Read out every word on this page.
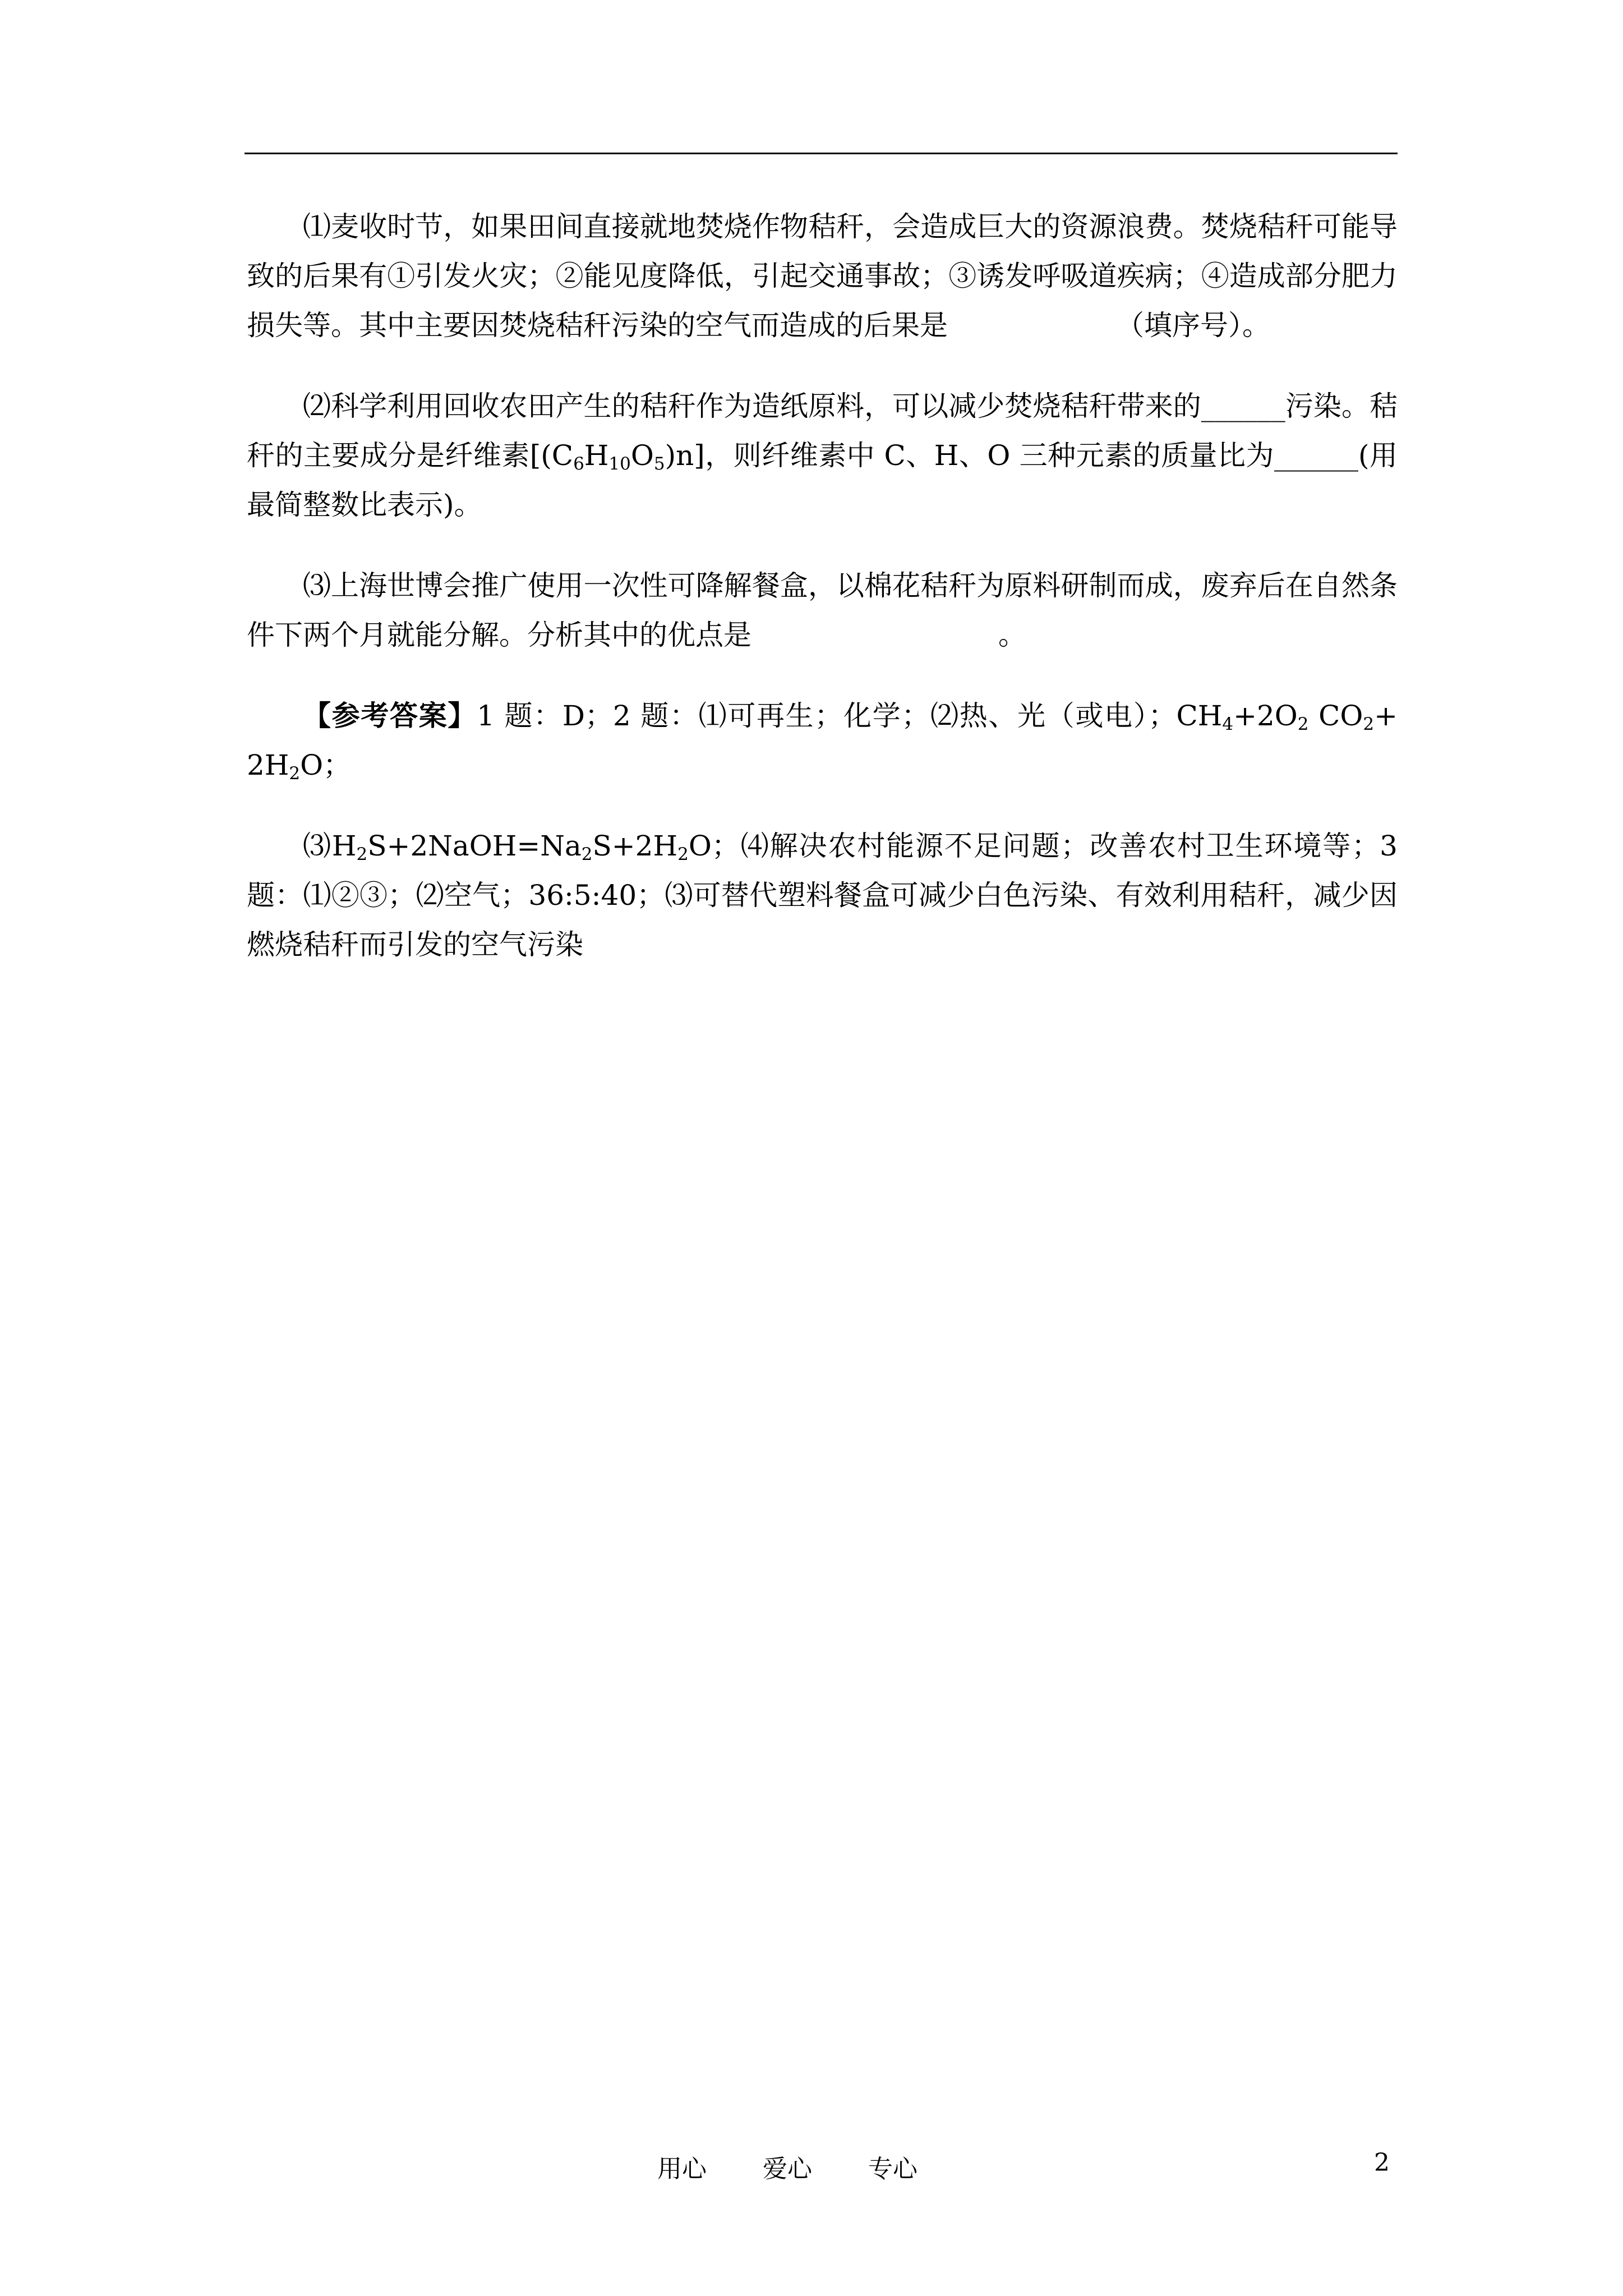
⑴麦收时节，如果田间直接就地焚烧作物秸秆，会造成巨大的资源浪费。焚烧秸秆可能导致的后果有①引发火灾；②能见度降低，引起交通事故；③诱发呼吸道疾病；④造成部分肥力损失等。其中主要因焚烧秸秆污染的空气而造成的后果是	（填序号）。

⑵科学利用回收农田产生的秸秆作为造纸原料，可以减少焚烧秸秆带来的______污染。秸秆的主要成分是纤维素$[(C_6H_{10}O_5)n]$，则纤维素中 C、H、O 三种元素的质量比为______(用最简整数比表示)。

⑶上海世博会推广使用一次性可降解餐盒，以棉花秸秆为原料研制而成，废弃后在自然条件下两个月就能分解。分析其中的优点是	。

【参考答案】1 题：D；2 题：⑴可再生；化学；⑵热、光（或电）；$CH_4+2O_2$ $CO_2+ 2H_2O$；

$⑶H_2S+2NaOH=Na_2S+2H_2O$；⑷解决农村能源不足问题；改善农村卫生环境等；3 题：⑴②③；⑵空气；36:5:40；⑶可替代塑料餐盒可减少白色污染、有效利用秸秆，减少因燃烧秸秆而引发的空气污染

用心 爱心 专心	2
